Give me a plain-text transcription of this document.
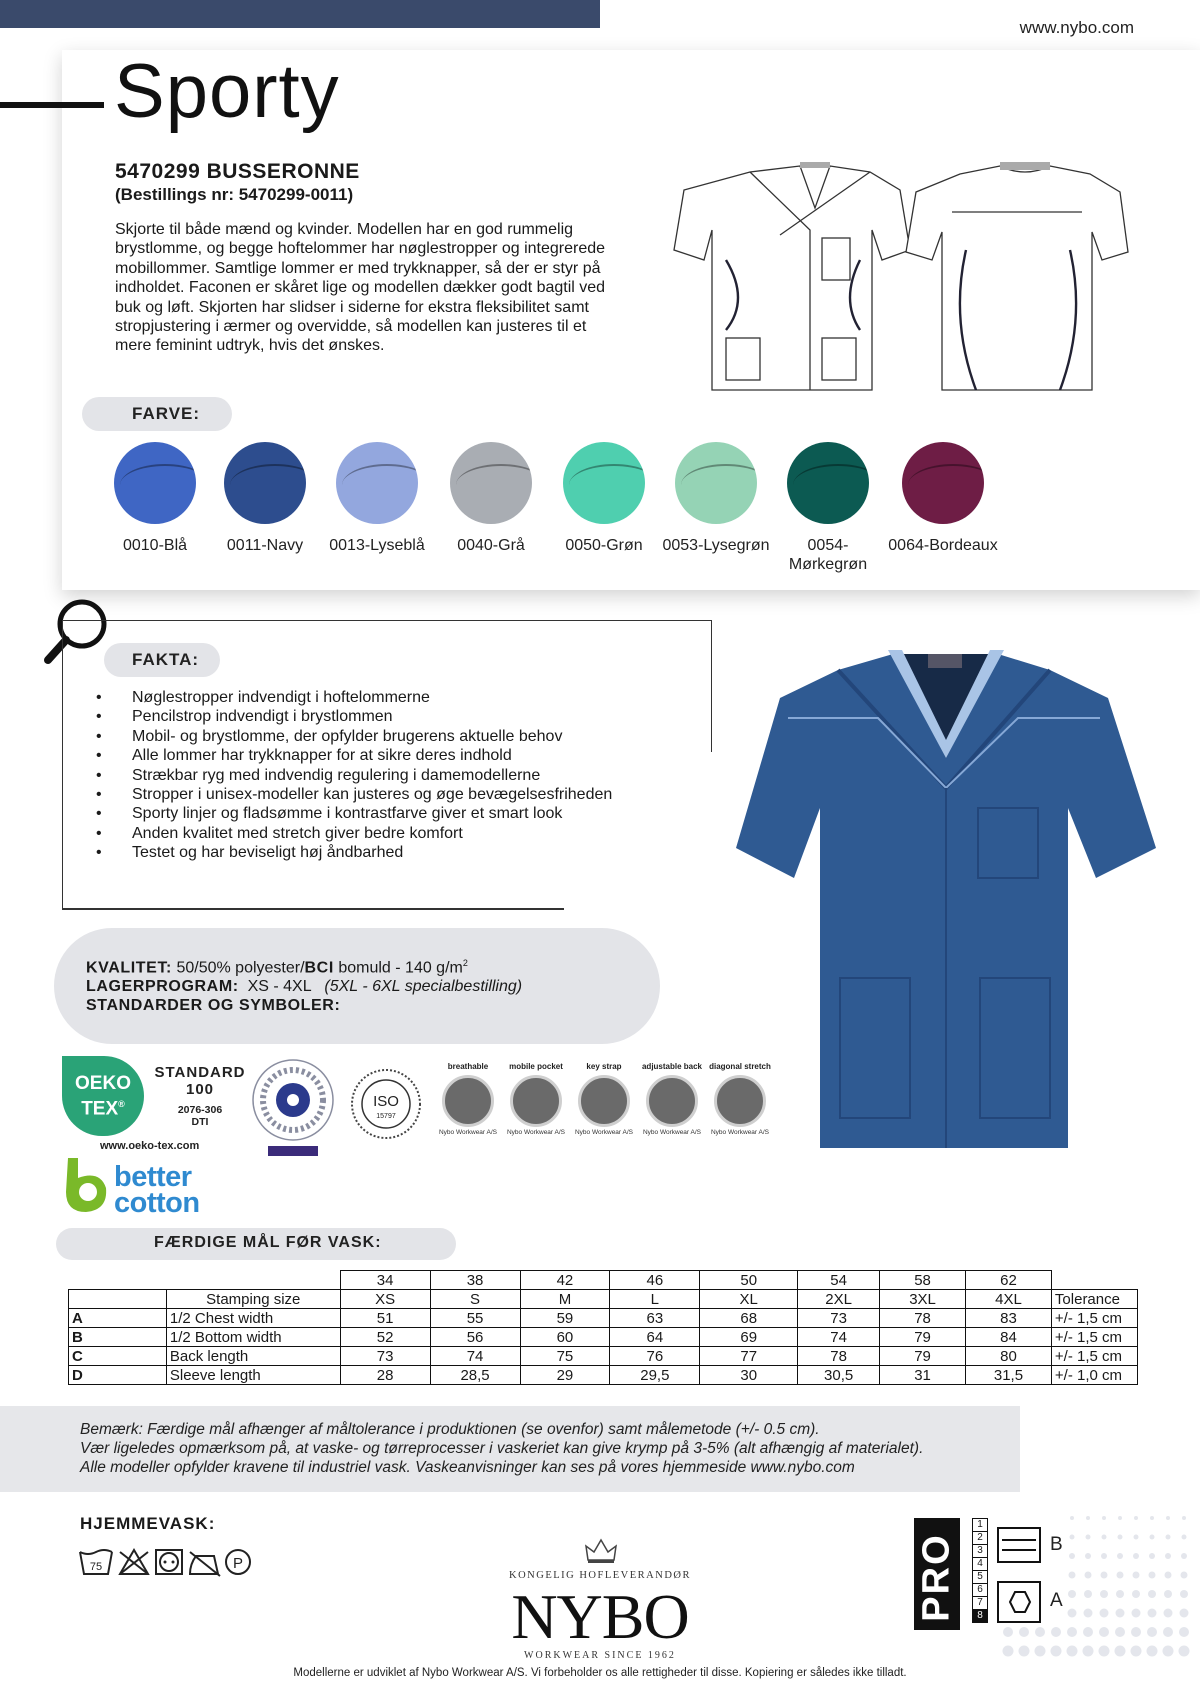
www.nybo.com
Sporty
5470299 BUSSERONNE
(Bestillings nr: 5470299-0011)
Skjorte til både mænd og kvinder. Modellen har en god rummelig brystlomme, og begge hoftelommer har nøglestropper og integrerede mobillommer. Samtlige lommer er med trykknapper, så der er styr på indholdet. Faconen er skåret lige og modellen dækker godt bagtil ved buk og løft. Skjorten har slidser i siderne for ekstra fleksibilitet samt stropjustering i ærmer og overvidde, så modellen kan justeres til et mere feminint udtryk, hvis det ønskes.
FARVE:
0010-Blå	0011-Navy	0013-Lyseblå	0040-Grå	0050-Grøn	0053-Lysegrøn	0054-Mørkegrøn
0064-Bordeaux
FAKTA:
• Nøglestropper indvendigt i hoftelommerne
• Pencilstrop indvendigt i brystlommen
• Mobil- og brystlomme, der opfylder brugerens aktuelle behov
• Alle lommer har trykknapper for at sikre deres indhold
• Strækbar ryg med indvendig regulering i damemodellerne
• Stropper i unisex-modeller kan justeres og øge bevægelsesfriheden
• Sporty linjer og fladsømme i kontrastfarve giver et smart look
• Anden kvalitet med stretch giver bedre komfort
• Testet og har beviseligt høj åndbarhed
KVALITET: 50/50% polyester/BCI bomuld - 140 $g/m^2$
LAGERPROGRAM: XS - 4XL (5XL - 6XL specialbestilling)
STANDARDER OG SYMBOLER:
OEKO
TEX®
STANDARD
100
2076-306
DTI
www.oeko-tex.com
ISO
15797
breathable
Nybo Workwear A/S
mobile pocket
Nybo Workwear A/S
key strap
Nybo Workwear A/S
adjustable back
Nybo Workwear A/S
diagonal stretch
Nybo Workwear A/S
better
cotton
FÆRDIGE MÅL FØR VASK:
		34	38	42	46	50	54	58	62	
	Stamping size	XS	S	M	L	XL	2XL	3XL	4XL	Tolerance
A	1/2 Chest width	51	55	59	63	68	73	78	83	+/- 1,5 cm
B	1/2 Bottom width	52	56	60	64	69	74	79	84	+/- 1,5 cm
C	Back length	73	74	75	76	77	78	79	80	+/- 1,5 cm
D	Sleeve length	28	28,5	29	29,5	30	30,5	31	31,5	+/- 1,0 cm
Bemærk: Færdige mål afhænger af måltolerance i produktionen (se ovenfor) samt målemetode (+/- 0.5 cm).
Vær ligeledes opmærksom på, at vaske- og tørreprocesser i vaskeriet kan give krymp på 3-5% (alt afhængig af materialet).
Alle modeller opfylder kravene til industriel vask. Vaskeanvisninger kan ses på vores hjemmeside www.nybo.com
HJEMMEVASK:
75	P
KONGELIG HOFLEVERANDØR
NYBO
WORKWEAR SINCE 1962
PRO
1
2
3
4
5
6
7
8
B
A
Modellerne er udviklet af Nybo Workwear A/S. Vi forbeholder os alle rettigheder til disse. Kopiering er således ikke tilladt.
